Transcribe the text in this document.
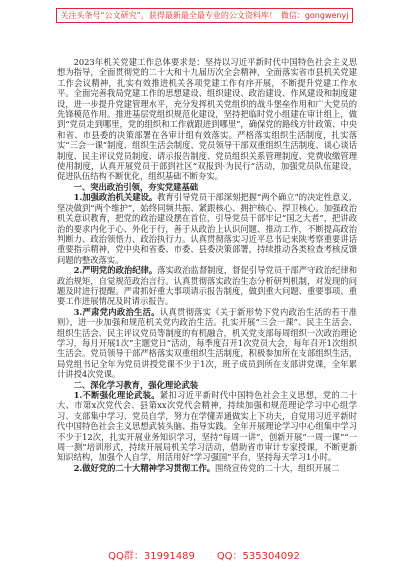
关注头条号“公文研究”，获得最新最全最专业的公文资料库！ 微信：gongwenyj

2023年机关党建工作总体要求是：坚持以习近平新时代中国特色社会主义思想为指导，全面贯彻党的二十大和十九届历次全会精神，全面落实省市县机关党建工作会议精神，扎实有效推进机关各项党建工作有序开展，不断提升党建工作水平。全面完善我局党建工作的思想建设、组织建设、政治建设、作风建设和制度建设，进一步提升党建管理水平，充分发挥机关党组织的战斗堡垒作用和广大党员的先锋模范作用。推进基层党组织规范化建设，坚持把临时党小组建在审计组上，做到“党员走到哪里，党的组织和工作就跟进到哪里”，确保党的路线方针政策、中央和省、市县委的决策部署在各审计组有效落实。严格落实组织生活制度，扎实落实“三会一课”制度、组织生活会制度、党员领导干部双重组织生活制度、谈心谈话制度、民主评议党员制度、请示报告制度、党员组织关系管理制度、党费收缴管理使用制度，认真开展党员干部到社区“双报到·为民行”活动，加强党员队伍建设，促进队伍结构不断优化，组织基础不断夯实。

一、突出政治引领，夯实党建基础

1.加强政治机关建设。教育引导党员干部深刻把握“两个确立”的决定性意义，坚决做到“两个维护”，始终同频共振、紧跟核心、拥护核心、捍卫核心。加强政治机关意识教育，把党的政治建设摆在首位，引导党员干部牢记“国之大者”，把讲政治的要求内化于心、外化于行，善于从政治上认识问题、推动工作，不断提高政治判断力、政治领悟力、政治执行力。认真贯彻落实习近平总书记来陕考察重要讲话重要指示精神，党中央和省委、市委、县委决策部署，持续推动各类检查考核反馈问题的整改落实。

2.严明党的政治纪律。落实政治监督制度，督促引导党员干部严守政治纪律和政治规矩，自觉规范政治言行。认真贯彻落实政治生态分析研判机制，对发现的问题及时进行提醒。严肃抓好重大事项请示报告制度，做到重大问题、重要事项、重要工作进展情况及时请示报告。

3.严肃党内政治生活。认真贯彻落实《关于新形势下党内政治生活的若干准则》，进一步加强和规范机关党内政治生活。扎实开展“三会一课”、民主生活会、组织生活会、民主评议党员等制度的有机融合，机关党支部每周组织一次政治理论学习，每月开展1次“主题党日”活动，每季度召开1次党员大会，每年召开1次组织生活会。党员领导干部严格落实双重组织生活制度，积极参加所在支部组织生活，局党组书记全年为党员讲授党课不少于1次，班子成员到所在支部讲党课，全年累计讲授4次党课。

二、深化学习教育，强化理论武装

1.不断强化理论武装。紧扣习近平新时代中国特色社会主义思想，党的二十大、市第x次党代会、县第xx次党代会精神，持续加强和规范理论学习中心组学习、支部集中学习、党员自学，努力在学懂弄通做实上下功夫，自觉用习近平新时代中国特色社会主义思想武装头脑、指导实践。全年开展理论学习中心组集中学习不少于12次，扎实开展业务知识学习，坚持“每周一讲”，创新开展“一周一课”“一周一测”培训形式，持续开展局机关学习活动，借助省市审计专家授课，不断更新知识结构，加强个人自学，用活用好“学习强国”平台，坚持每天学习1小时。

2.做好党的二十大精神学习贯彻工作。围绕宣传党的二十大，组织开展二

QQ群：31991489 QQ：535304092
